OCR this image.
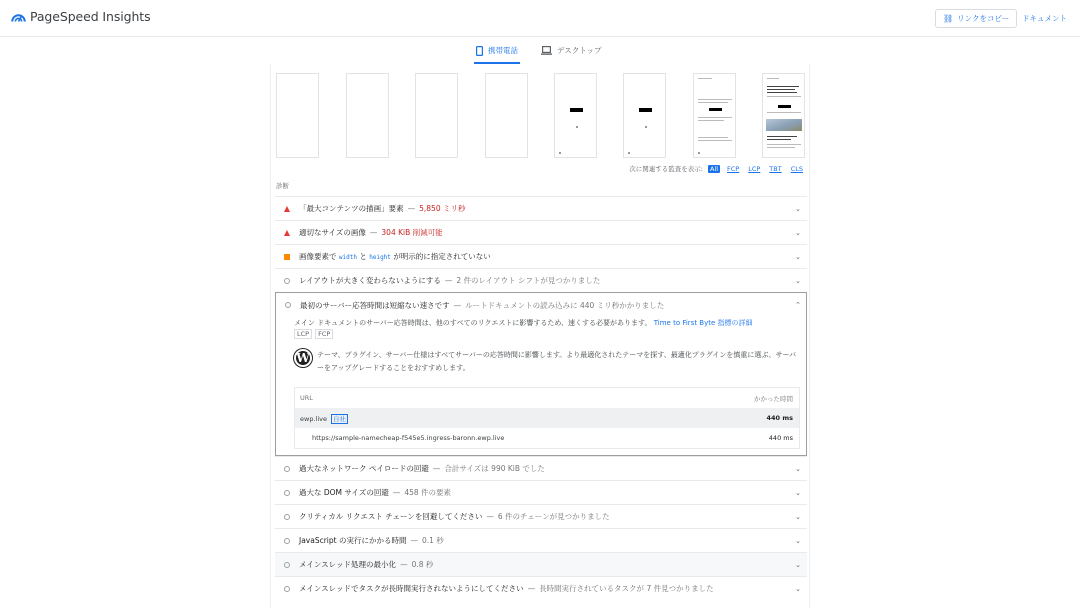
PageSpeed Insights	⛓ リンクをコピー ドキュメント
携帯電話	デスクトップ
次に関連する監査を表示:	All	FCP	LCP	TBT	CLS
診断
「最大コンテンツの描画」要素 — 5,850 ミリ秒	⌄
適切なサイズの画像 — 304 KiB 削減可能	⌄
画像要素で width と height が明示的に指定されていない	⌄
レイアウトが大きく変わらないようにする — 2 件のレイアウト シフトが見つかりました	⌄
最初のサーバー応答時間は短縮ない速さです — ルートドキュメントの読み込みに 440 ミリ秒かかりました	⌃
メイン ドキュメントのサーバー応答時間は、他のすべてのリクエストに影響するため、速くする必要があります。 Time to First Byte 指標の詳細
LCP	FCP
W	テーマ、プラグイン、サーバー仕様はすべてサーバーの応答時間に影響します。より最適化されたテーマを探す、最適化プラグインを慎重に選ぶ、サーバーをアップグレードすることをおすすめします。
URL	かかった時間
ewp.live 自社	440 ms
https://sample-namecheap-f545e5.ingress-baronn.ewp.live	440 ms
過大なネットワーク ペイロードの回避 — 合計サイズは 990 KiB でした	⌄
過大な DOM サイズの回避 — 458 件の要素	⌄
クリティカル リクエスト チェーンを回避してください — 6 件のチェーンが見つかりました	⌄
JavaScript の実行にかかる時間 — 0.1 秒	⌄
メインスレッド処理の最小化 — 0.8 秒	⌄
メインスレッドでタスクが長時間実行されないようにしてください — 長時間実行されているタスクが 7 件見つかりました	⌄
